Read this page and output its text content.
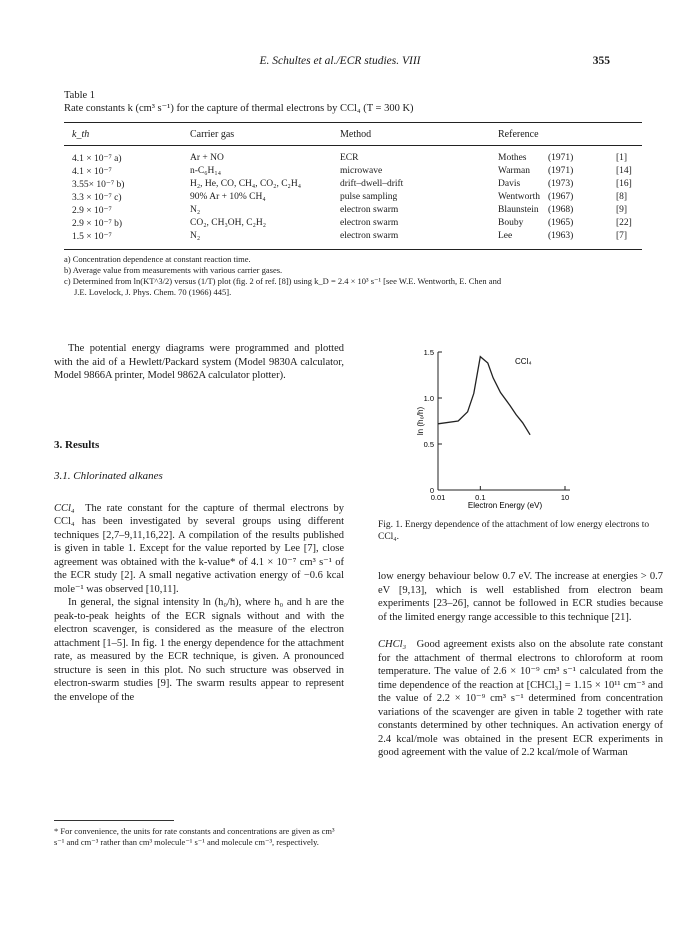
E. Schultes et al./ECR studies. VIII	355
Table 1
Rate constants k (cm³ s⁻¹) for the capture of thermal electrons by CCl₄ (T = 300 K)
k_th	Carrier gas	Method	Reference
a) Concentration dependence at constant reaction time.
b) Average value from measurements with various carrier gases.
c) Determined from ln(KT^3/2) versus (1/T) plot (fig. 2 of ref. [8]) using k_D = 2.4 × 10³ s⁻¹ [see W.E. Wentworth, E. Chen and
J.E. Lovelock, J. Phys. Chem. 70 (1966) 445].

The potential energy diagrams were programmed and plotted with the aid of a Hewlett/Packard system (Model 9830A calculator, Model 9866A printer, Model 9862A calculator plotter).

3. Results

3.1. Chlorinated alkanes

CCl₄  The rate constant for the capture of thermal electrons by CCl₄ has been investigated by several groups using different techniques [2,7–9,11,16,22]. A compilation of the results published is given in table 1. Except for the value reported by Lee [7], close agreement was obtained with the k-value* of 4.1 × 10⁻⁷ cm³ s⁻¹ of the ECR study [2]. A small negative activation energy of −0.6 kcal mole⁻¹ was observed [10,11].

In general, the signal intensity ln (h₀/h), where h₀ and h are the peak-to-peak heights of the ECR signals without and with the electron scavenger, is considered as the measure of the electron attachment [1–5]. In fig. 1 the energy dependence for the attachment rate, as measured by the ECR technique, is given. A pronounced structure is seen in this plot. No such structure was observed in electron-swarm studies [9]. The swarm results appear to represent the envelope of the

* For convenience, the units for rate constants and concentrations are given as cm³ s⁻¹ and cm⁻³ rather than cm³ molecule⁻¹ s⁻¹ and molecule cm⁻³, respectively.
0
0.5
1.0
1.5
0.01	0.1	10
ln (h₀/h)
Electron Energy (eV)
CCl₄
Fig. 1. Energy dependence of the attachment of low energy electrons to CCl₄.

low energy behaviour below 0.7 eV. The increase at energies > 0.7 eV [9,13], which is well established from electron beam experiments [23–26], cannot be followed in ECR studies because of the limited energy range accessible to this technique [21].

CHCl₃  Good agreement exists also on the absolute rate constant for the attachment of thermal electrons to chloroform at room temperature. The value of 2.6 × 10⁻⁹ cm³ s⁻¹ calculated from the time dependence of the reaction at [CHCl₃] = 1.15 × 10¹¹ cm⁻³ and the value of 2.2 × 10⁻⁹ cm³ s⁻¹ determined from concentration variations of the scavenger are given in table 2 together with rate constants determined by other techniques. An activation energy of 2.4 kcal/mole was obtained in the present ECR experiments in good agreement with the value of 2.2 kcal/mole of Warman

4.1 × 10⁻⁷ a)	Ar + NO	ECR	Mothes (1971)	[1]
4.1 × 10⁻⁷	n-C₆H₁₄	microwave	Warman (1971)	[14]
3.55× 10⁻⁷ b)	H₂, He, CO, CH₄, CO₂, C₂H₄	drift–dwell–drift	Davis	(1973)	[16]
3.3 × 10⁻⁷ c)	90% Ar + 10% CH₄	pulse sampling	Wentworth (1967)	[8]
2.9 × 10⁻⁷	N₂	electron swarm	Blaunstein (1968)	[9]
2.9 × 10⁻⁷ b)	CO₂, CH₃OH, C₂H₂	electron swarm	Bouby	(1965)	[22]
1.5 × 10⁻⁷	N₂	electron swarm	Lee	(1963)	[7]
